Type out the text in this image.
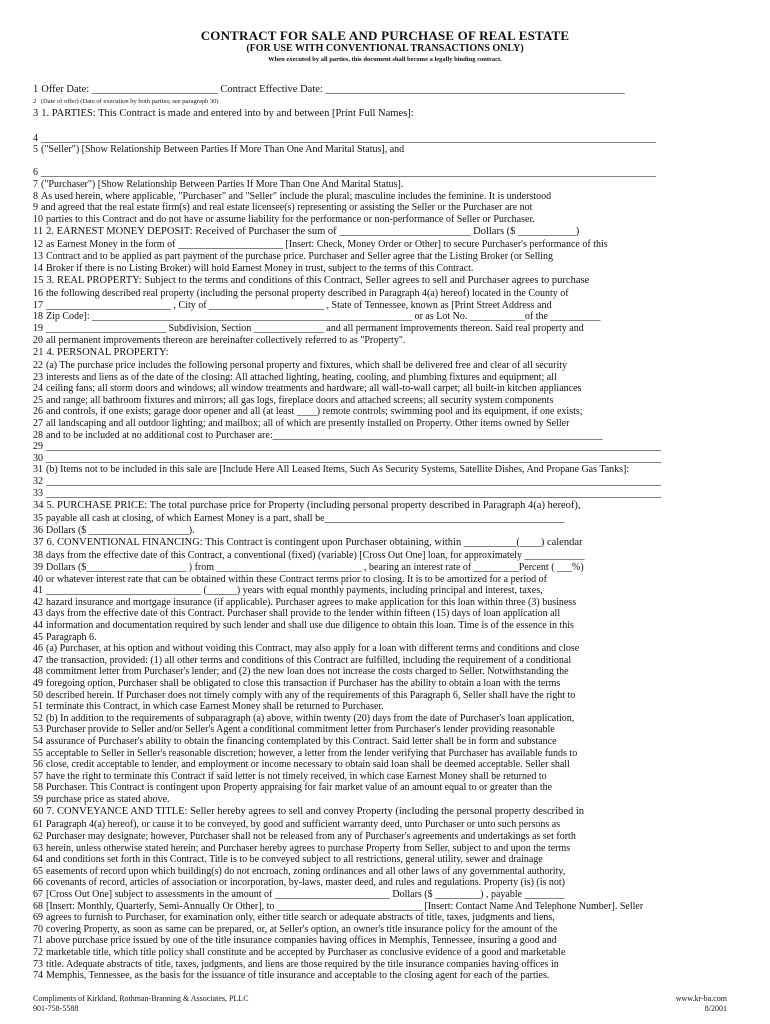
CONTRACT FOR SALE AND PURCHASE OF REAL ESTATE
(FOR USE WITH CONVENTIONAL TRANSACTIONS ONLY)
When executed by all parties, this document shall become a legally binding contract.
1 Offer Date: ________________________ Contract Effective Date: _________________________________________________________
2 (Date of offer) (Date of execution by both parties; see paragraph 30)
3 1. PARTIES: This Contract is made and entered into by and between [Print Full Names]:
4 ___________________________________________________________________________________________________________________________
5 ("Seller") [Show Relationship Between Parties If More Than One And Marital Status], and
6 ___________________________________________________________________________________________________________________________
7 ("Purchaser") [Show Relationship Between Parties If More Than One And Marital Status].
8 As used herein, where applicable, "Purchaser" and "Seller" include the plural; masculine includes the feminine. It is understood
9 and agreed that the real estate firm(s) and real estate licensee(s) representing or assisting the Seller or the Purchaser are not
10 parties to this Contract and do not have or assume liability for the performance or non-performance of Seller or Purchaser.
11 2. EARNEST MONEY DEPOSIT: Received of Purchaser the sum of _________________________ Dollars ($ ___________)
12 as Earnest Money in the form of _____________________ [Insert: Check, Money Order or Other] to secure Purchaser's performance of this
13 Contract and to be applied as part payment of the purchase price. Purchaser and Seller agree that the Listing Broker (or Selling
14 Broker if there is no Listing Broker) will hold Earnest Money in trust, subject to the terms of this Contract.
15 3. REAL PROPERTY: Subject to the terms and conditions of this Contract, Seller agrees to sell and Purchaser agrees to purchase
16 the following described real property (including the personal property described in Paragraph 4(a) hereof) located in the County of
17 _________________________ , City of _______________________ , State of Tennessee, known as [Print Street Address and
18 Zip Code]: ________________________________________________________________ or as Lot No. ___________of the __________
19 ________________________ Subdivision, Section ______________ and all permanent improvements thereon. Said real property and
20 all permanent improvements thereon are hereinafter collectively referred to as "Property".
21 4. PERSONAL PROPERTY:
22 (a) The purchase price includes the following personal property and fixtures, which shall be delivered free and clear of all security
23 interests and liens as of the date of the closing: All attached lighting, heating, cooling, and plumbing fixtures and equipment; all
24 ceiling fans; all storm doors and windows; all window treatments and hardware; all wall-to-wall carpet; all built-in kitchen appliances
25 and range; all bathroom fixtures and mirrors; all gas logs, fireplace doors and attached screens; all security system components
26 and controls, if one exists; garage door opener and all (at least ____) remote controls; swimming pool and its equipment, if one exists;
27 all landscaping and all outdoor lighting; and mailbox; all of which are presently installed on Property. Other items owned by Seller
28 and to be included at no additional cost to Purchaser are:__________________________________________________________________
29 ___________________________________________________________________________________________________________________________
30 ___________________________________________________________________________________________________________________________
31 (b) Items not to be included in this sale are [Include Here All Leased Items, Such As Security Systems, Satellite Dishes, And Propane Gas Tanks]:
32 ___________________________________________________________________________________________________________________________
33 ___________________________________________________________________________________________________________________________
34 5. PURCHASE PRICE: The total purchase price for Property (including personal property described in Paragraph 4(a) hereof),
35 payable all cash at closing, of which Earnest Money is a part, shall be________________________________________________
36 Dollars ($ ____________________).
37 6. CONVENTIONAL FINANCING: This Contract is contingent upon Purchaser obtaining, within __________(____) calendar
38 days from the effective date of this Contract, a conventional (fixed) (variable) [Cross Out One] loan, for approximately ____________
39 Dollars ($____________________ ) from _____________________________ , bearing an interest rate of _________Percent ( ___%)
40 or whatever interest rate that can be obtained within these Contract terms prior to closing. It is to be amortized for a period of
41 _______________________________ (______) years with equal monthly payments, including principal and interest, taxes,
42 hazard insurance and mortgage insurance (if applicable). Purchaser agrees to make application for this loan within three (3) business
43 days from the effective date of this Contract. Purchaser shall provide to the lender within fifteen (15) days of loan application all
44 information and documentation required by such lender and shall use due diligence to obtain this loan. Time is of the essence in this
45 Paragraph 6.
46 (a) Purchaser, at his option and without voiding this Contract, may also apply for a loan with different terms and conditions and close
47 the transaction, provided: (1) all other terms and conditions of this Contract are fulfilled, including the requirement of a conditional
48 commitment letter from Purchaser's lender; and (2) the new loan does not increase the costs charged to Seller. Notwithstanding the
49 foregoing option, Purchaser shall be obligated to close this transaction if Purchaser has the ability to obtain a loan with the terms
50 described herein. If Purchaser does not timely comply with any of the requirements of this Paragraph 6, Seller shall have the right to
51 terminate this Contract, in which case Earnest Money shall be returned to Purchaser.
52 (b) In addition to the requirements of subparagraph (a) above, within twenty (20) days from the date of Purchaser's loan application,
53 Purchaser provide to Seller and/or Seller's Agent a conditional commitment letter from Purchaser's lender providing reasonable
54 assurance of Purchaser's ability to obtain the financing contemplated by this Contract. Said letter shall be in form and substance
55 acceptable to Seller in Seller's reasonable discretion; however, a letter from the lender verifying that Purchaser has available funds to
56 close, credit acceptable to lender, and employment or income necessary to obtain said loan shall be deemed acceptable. Seller shall
57 have the right to terminate this Contract if said letter is not timely received, in which case Earnest Money shall be returned to
58 Purchaser. This Contract is contingent upon Property appraising for fair market value of an amount equal to or greater than the
59 purchase price as stated above.
60 7. CONVEYANCE AND TITLE: Seller hereby agrees to sell and convey Property (including the personal property described in
61 Paragraph 4(a) hereof), or cause it to be conveyed, by good and sufficient warranty deed, unto Purchaser or unto such persons as
62 Purchaser may designate; however, Purchaser shall not be released from any of Purchaser's agreements and undertakings as set forth
63 herein, unless otherwise stated herein; and Purchaser hereby agrees to purchase Property from Seller, subject to and upon the terms
64 and conditions set forth in this Contract. Title is to be conveyed subject to all restrictions, general utility, sewer and drainage
65 easements of record upon which building(s) do not encroach, zoning ordinances and all other laws of any governmental authority,
66 covenants of record, articles of association or incorporation, by-laws, master deed, and rules and regulations. Property (is) (is not)
67 [Cross Out One] subject to assessments in the amount of _______________________ Dollars ($ _________) , payable ________
68 [Insert: Monthly, Quarterly, Semi-Annually Or Other], to _____________________________ [Insert: Contact Name And Telephone Number]. Seller
69 agrees to furnish to Purchaser, for examination only, either title search or adequate abstracts of title, taxes, judgments and liens,
70 covering Property, as soon as same can be prepared, or, at Seller's option, an owner's title insurance policy for the amount of the
71 above purchase price issued by one of the title insurance companies having offices in Memphis, Tennessee, insuring a good and
72 marketable title, which title policy shall constitute and be accepted by Purchaser as conclusive evidence of a good and marketable
73 title. Adequate abstracts of title, taxes, judgments, and liens are those required by the title insurance companies having offices in
74 Memphis, Tennessee, as the basis for the issuance of title insurance and acceptable to the closing agent for each of the parties.
Compliments of Kirkland, Rothman-Branning & Associates, PLLC
901-758-5588
www.kr-ba.com
8/2001
